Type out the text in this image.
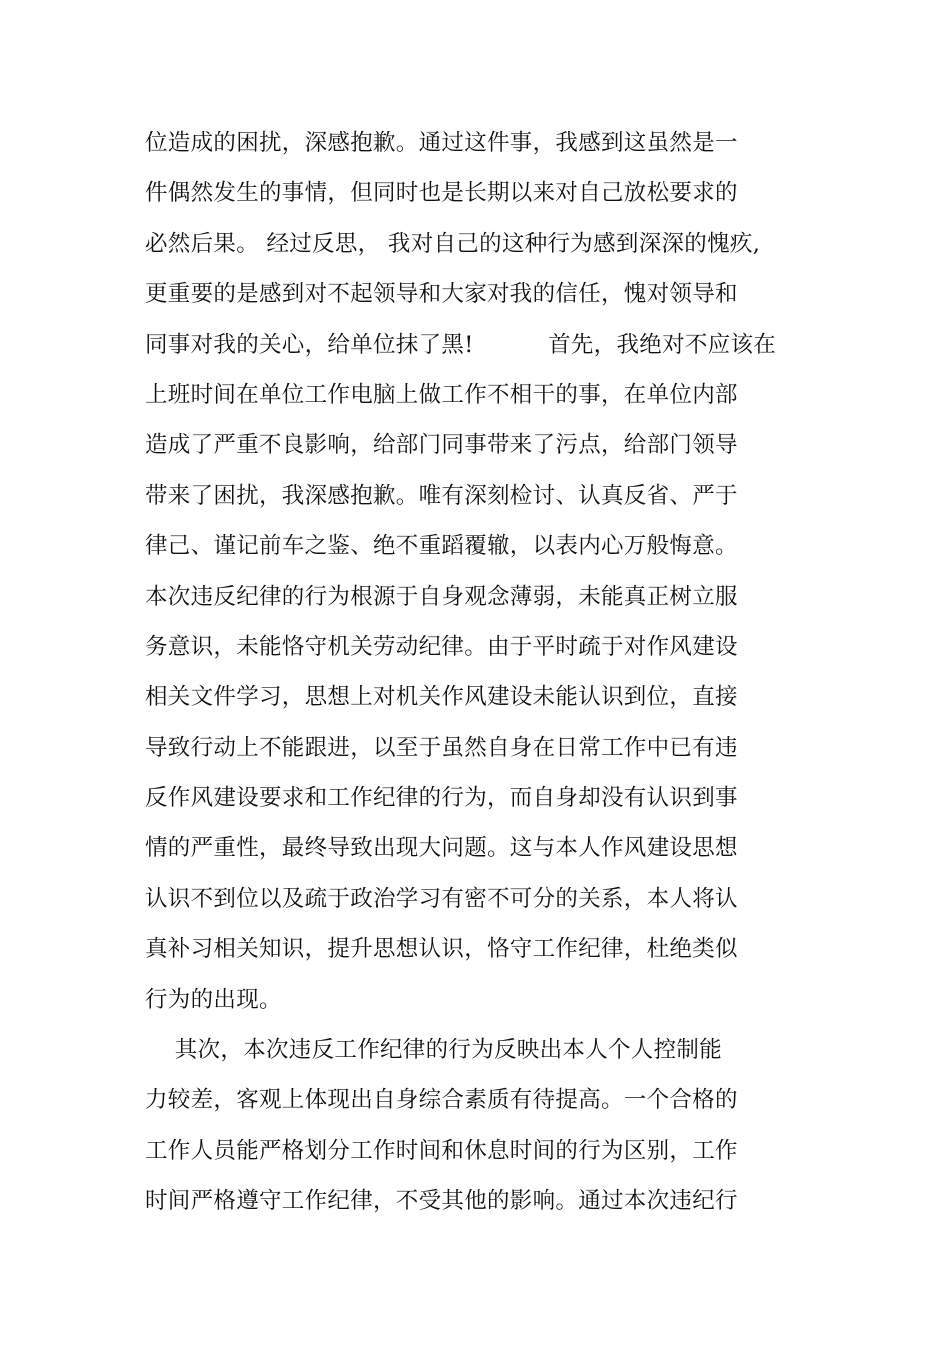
位造成的困扰，深感抱歉。通过这件事，我感到这虽然是一
件偶然发生的事情，但同时也是长期以来对自己放松要求的
必然后果。 经过反思， 我对自己的这种行为感到深深的愧疚,
更重要的是感到对不起领导和大家对我的信任，愧对领导和
同事对我的关心，给单位抹了黑!          首先，我绝对不应该在
上班时间在单位工作电脑上做工作不相干的事，在单位内部
造成了严重不良影响，给部门同事带来了污点，给部门领导
带来了困扰，我深感抱歉。唯有深刻检讨、认真反省、严于
律己、谨记前车之鉴、绝不重蹈覆辙，以表内心万般悔意。
本次违反纪律的行为根源于自身观念薄弱，未能真正树立服
务意识，未能恪守机关劳动纪律。由于平时疏于对作风建设
相关文件学习，思想上对机关作风建设未能认识到位，直接
导致行动上不能跟进，以至于虽然自身在日常工作中已有违
反作风建设要求和工作纪律的行为，而自身却没有认识到事
情的严重性，最终导致出现大问题。这与本人作风建设思想
认识不到位以及疏于政治学习有密不可分的关系，本人将认
真补习相关知识，提升思想认识，恪守工作纪律，杜绝类似
行为的出现。
其次，本次违反工作纪律的行为反映出本人个人控制能
力较差，客观上体现出自身综合素质有待提高。一个合格的
工作人员能严格划分工作时间和休息时间的行为区别，工作
时间严格遵守工作纪律，不受其他的影响。通过本次违纪行
